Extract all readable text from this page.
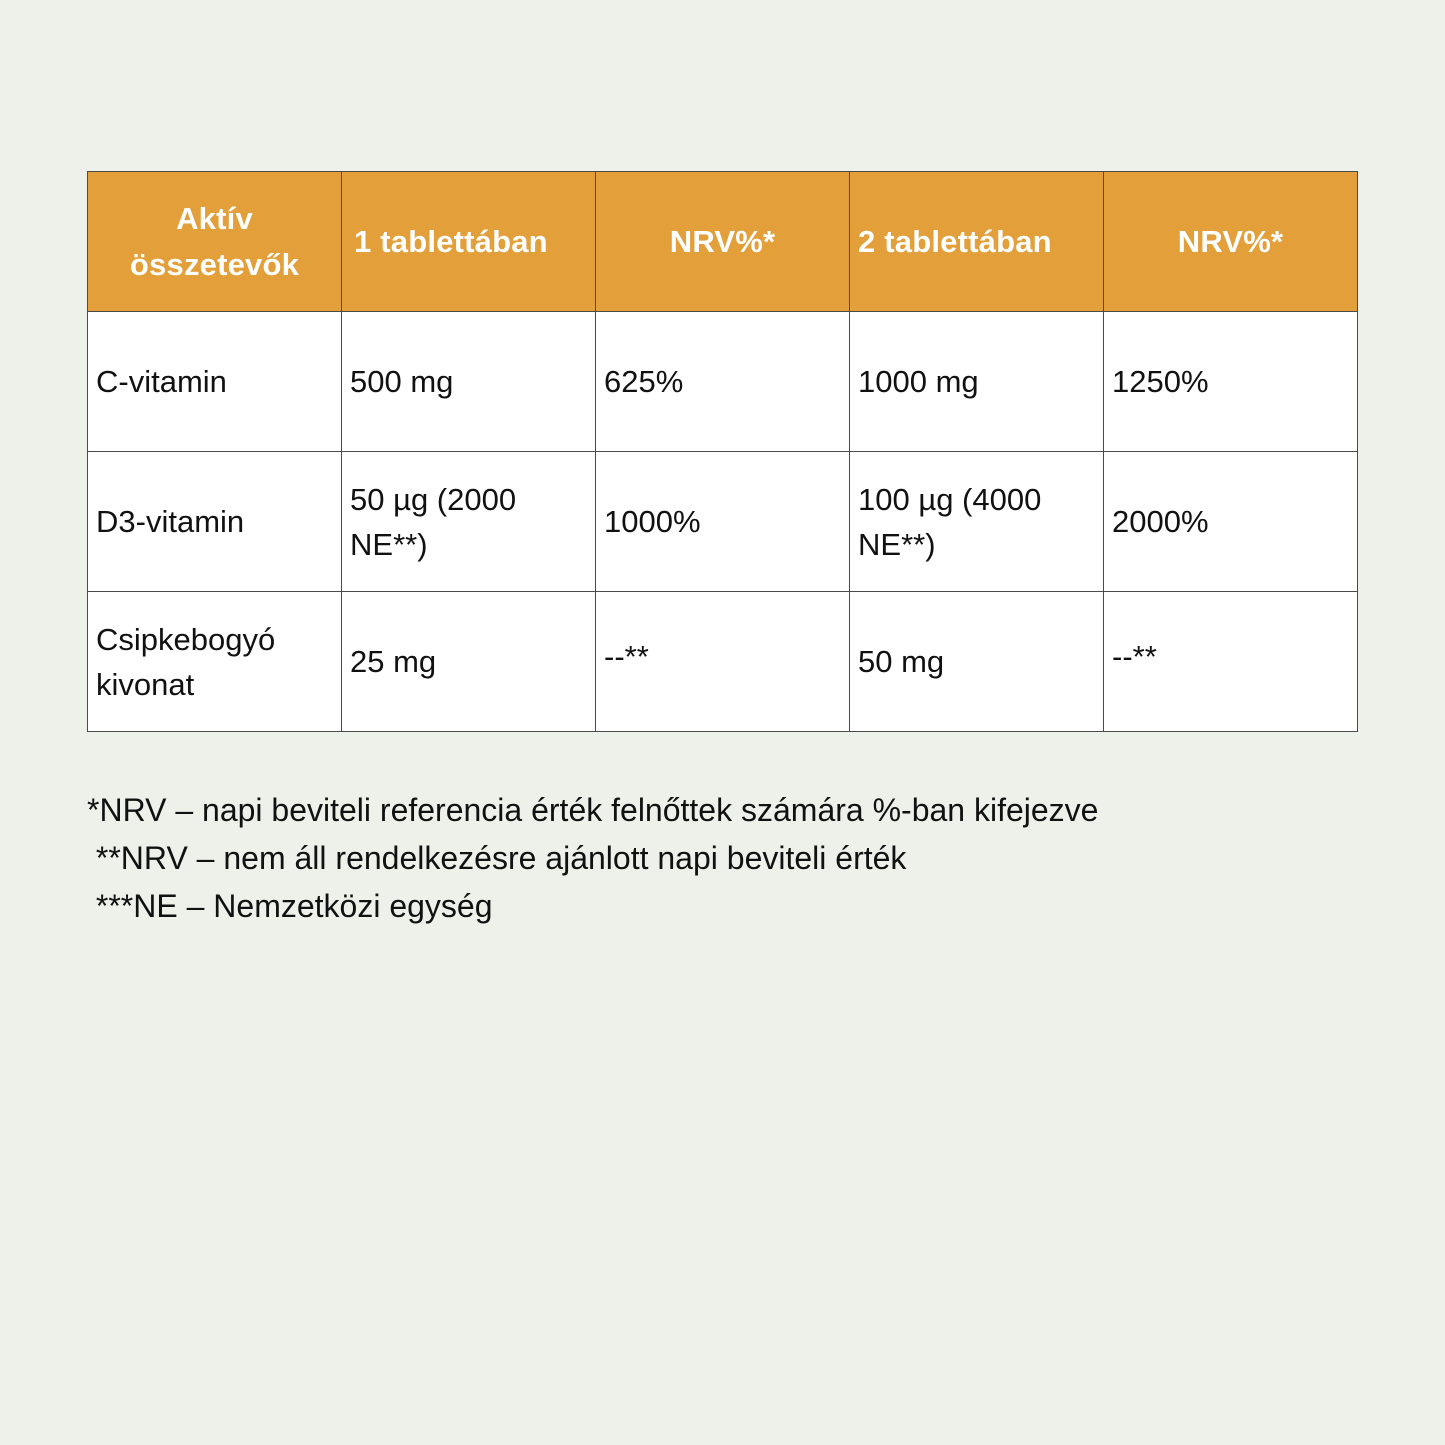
Aktív összetevők	1 tablettában	NRV%*	2 tablettában	NRV%*
C-vitamin	500 mg	625%	1000 mg	1250%
D3-vitamin	50 µg (2000 NE**)	1000%	100 µg (4000 NE**)	2000%
Csipkebogyó kivonat	25 mg	--**	50 mg	--**
*NRV – napi beviteli referencia érték felnőttek számára %-ban kifejezve
**NRV – nem áll rendelkezésre ajánlott napi beviteli érték
***NE – Nemzetközi egység
